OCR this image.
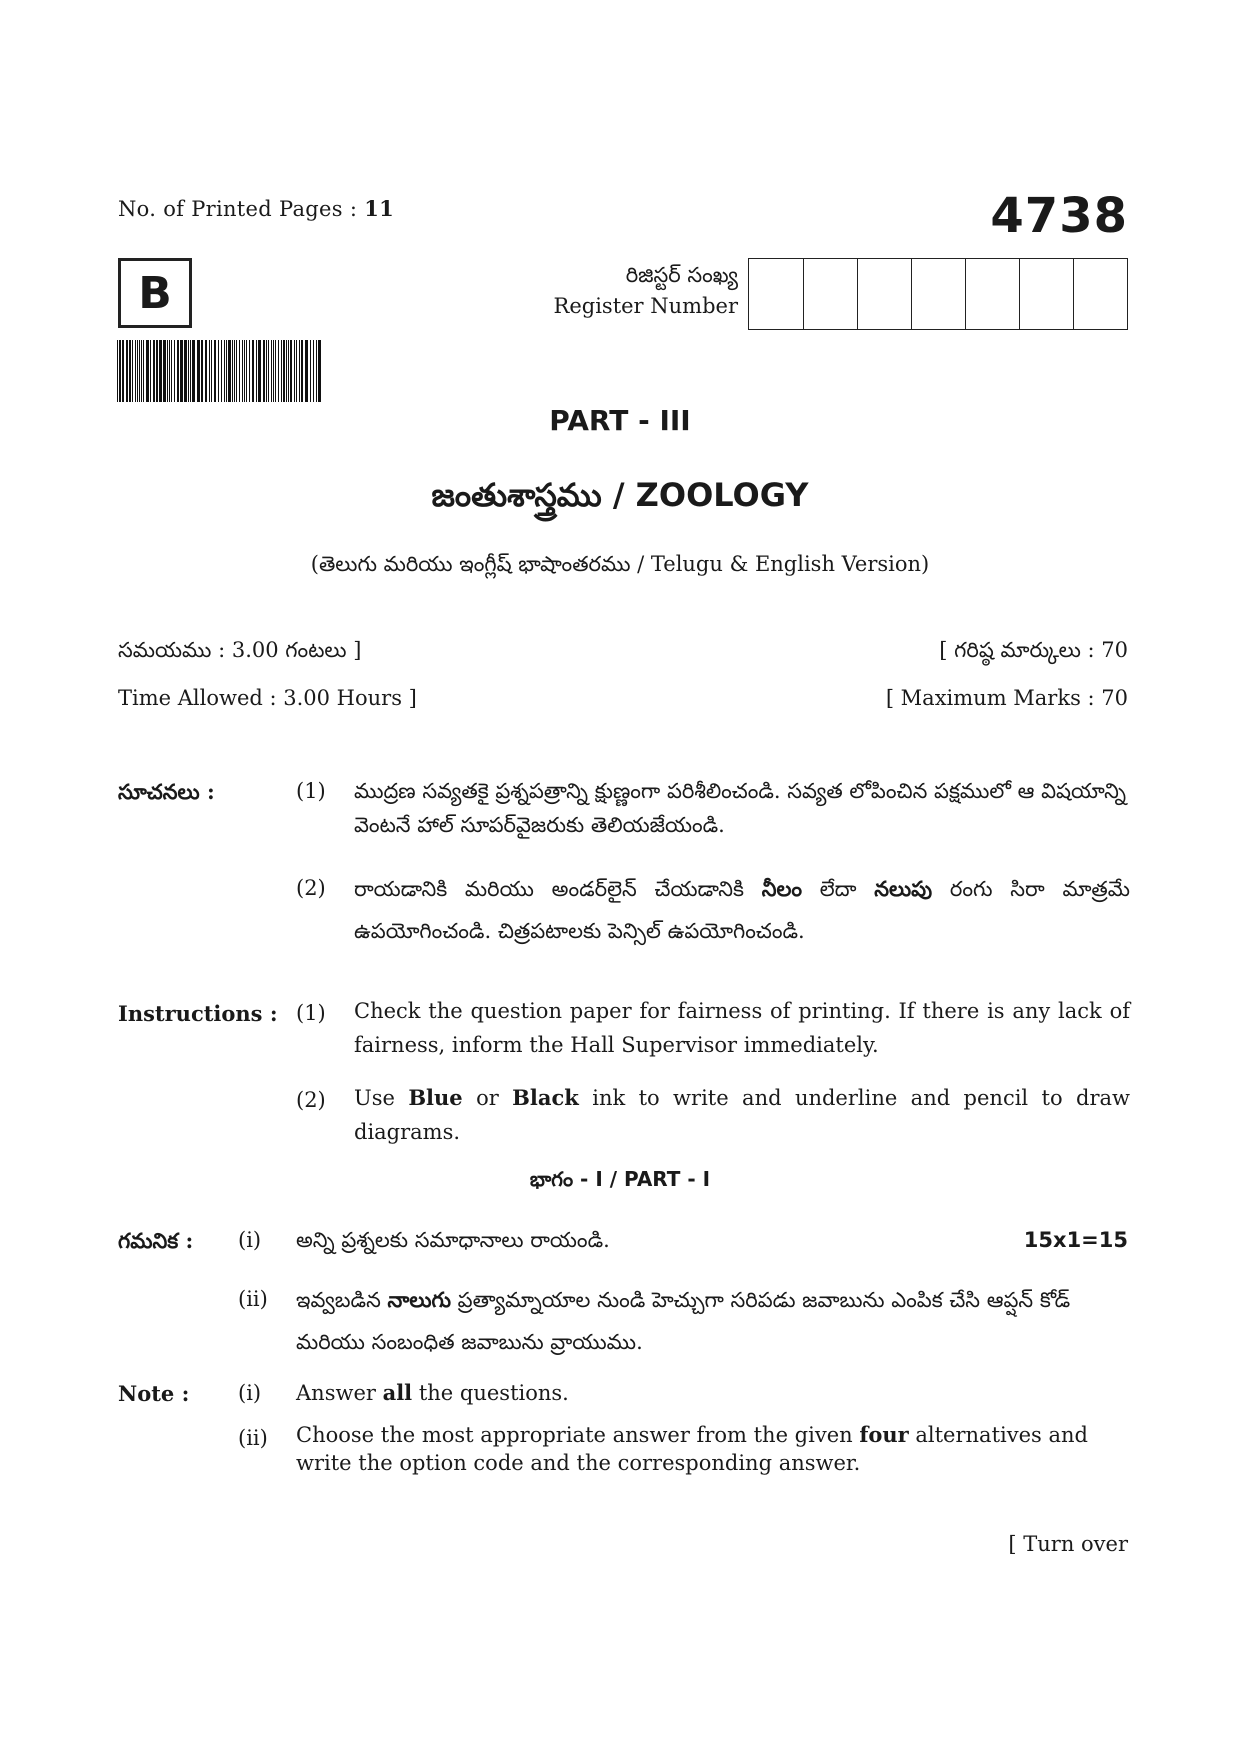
No. of Printed Pages : 11	4738
B	రిజిస్టర్ సంఖ్య
Register Number
PART - III
జంతుశాస్త్రము / ZOOLOGY
(తెలుగు మరియు ఇంగ్లీష్ భాషాంతరము / Telugu & English Version)
సమయము : 3.00 గంటలు ]	[ గరిష్ఠ మార్కులు : 70
Time Allowed : 3.00 Hours ]	[ Maximum Marks : 70
సూచనలు :	(1) ముద్రణ సవ్యతకై ప్రశ్నపత్రాన్ని క్షుణ్ణంగా పరిశీలించండి. సవ్యత లోపించిన పక్షములో ఆ విషయాన్ని వెంటనే హాల్ సూపర్‌వైజరుకు తెలియజేయండి.
(2) రాయడానికి మరియు అండర్‌లైన్ చేయడానికి నీలం లేదా నలుపు రంగు సిరా మాత్రమే ఉపయోగించండి. చిత్రపటాలకు పెన్సిల్ ఉపయోగించండి.
Instructions : (1) Check the question paper for fairness of printing. If there is any lack of fairness, inform the Hall Supervisor immediately.
(2) Use Blue or Black ink to write and underline and pencil to draw diagrams.
భాగం - I / PART - I
గమనిక : (i) అన్ని ప్రశ్నలకు సమాధానాలు రాయండి.	15x1=15
(ii) ఇవ్వబడిన నాలుగు ప్రత్యామ్నాయాల నుండి హెచ్చుగా సరిపడు జవాబును ఎంపిక చేసి ఆప్షన్ కోడ్ మరియు సంబంధిత జవాబును వ్రాయుము.
Note : (i) Answer all the questions.
(ii) Choose the most appropriate answer from the given four alternatives and write the option code and the corresponding answer.
[ Turn over
